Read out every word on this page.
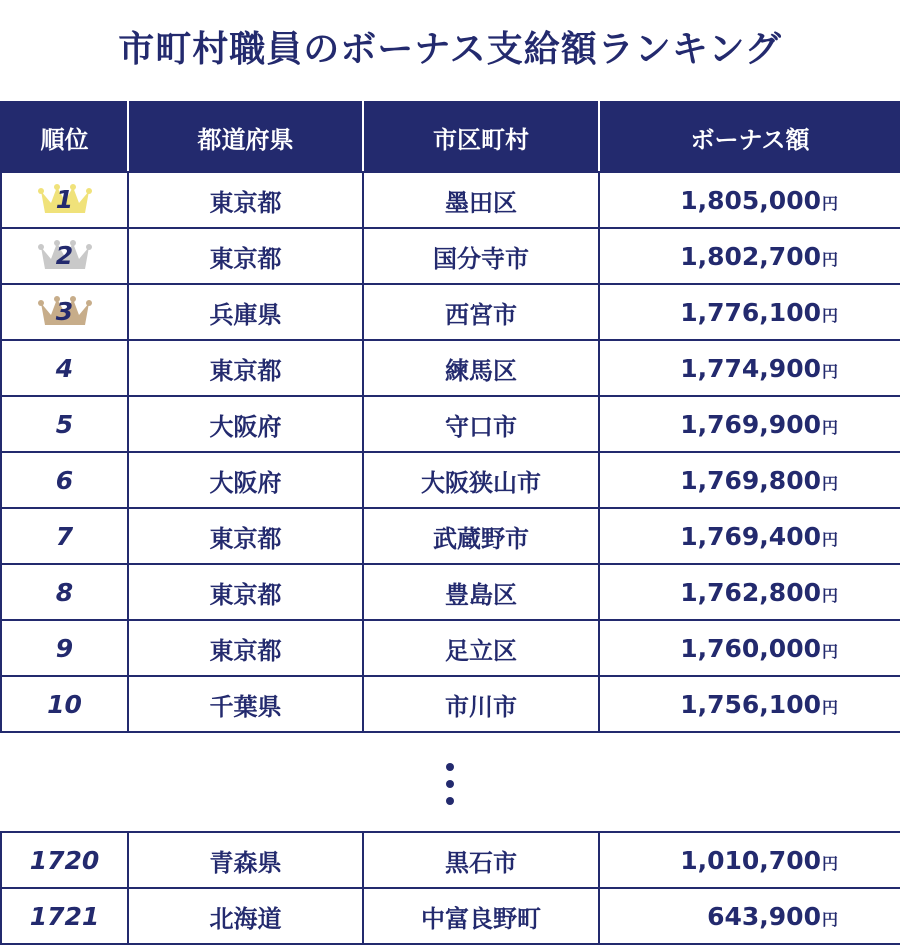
市町村職員のボーナス支給額ランキング
順位	都道府県	市区町村	ボーナス額

1	東京都	墨田区	1,805,000円

2	東京都	国分寺市	1,802,700円

3	兵庫県	西宮市	1,776,100円
4	東京都	練馬区	1,774,900円
5	大阪府	守口市	1,769,900円
6	大阪府	大阪狭山市	1,769,800円
7	東京都	武蔵野市	1,769,400円
8	東京都	豊島区	1,762,800円
9	東京都	足立区	1,760,000円
10	千葉県	市川市	1,756,100円
1720	青森県	黒石市	1,010,700円
1721	北海道	中富良野町	643,900円
